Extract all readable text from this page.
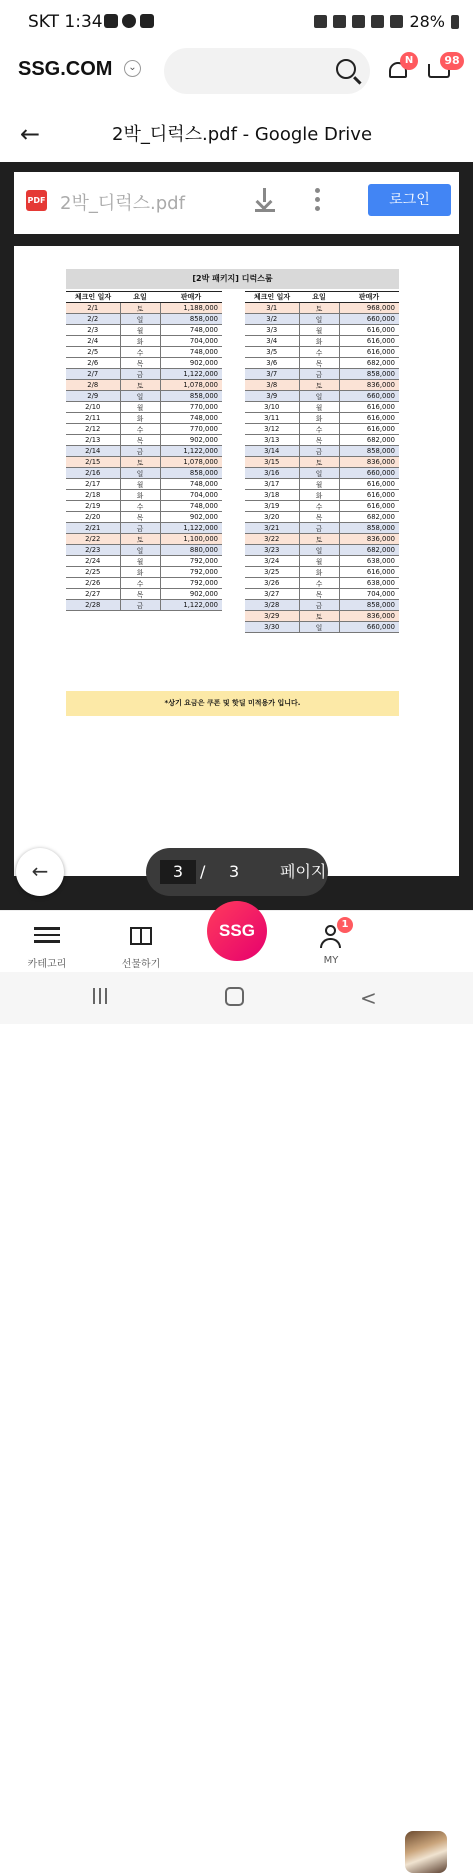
SKT 1:34	28%
SSG.COM	⌄
N	98
←	2박_디럭스.pdf - Google Drive
PDF 2박_디럭스.pdf	로그인
[2박 패키지] 디럭스룸
체크인 일자	요일	판매가
2/1	토	1,188,000
2/2	일	858,000
2/3	월	748,000
2/4	화	704,000
2/5	수	748,000
2/6	목	902,000
2/7	금	1,122,000
2/8	토	1,078,000
2/9	일	858,000
2/10	월	770,000
2/11	화	748,000
2/12	수	770,000
2/13	목	902,000
2/14	금	1,122,000
2/15	토	1,078,000
2/16	일	858,000
2/17	월	748,000
2/18	화	704,000
2/19	수	748,000
2/20	목	902,000
2/21	금	1,122,000
2/22	토	1,100,000
2/23	일	880,000
2/24	월	792,000
2/25	화	792,000
2/26	수	792,000
2/27	목	902,000
2/28	금	1,122,000
체크인 일자	요일	판매가
3/1	토	968,000
3/2	일	660,000
3/3	월	616,000
3/4	화	616,000
3/5	수	616,000
3/6	목	682,000
3/7	금	858,000
3/8	토	836,000
3/9	일	660,000
3/10	월	616,000
3/11	화	616,000
3/12	수	616,000
3/13	목	682,000
3/14	금	858,000
3/15	토	836,000
3/16	일	660,000
3/17	월	616,000
3/18	화	616,000
3/19	수	616,000
3/20	목	682,000
3/21	금	858,000
3/22	토	836,000
3/23	일	682,000
3/24	월	638,000
3/25	화	616,000
3/26	수	638,000
3/27	목	704,000
3/28	금	858,000
3/29	토	836,000
3/30	일	660,000
*상기 요금은 쿠폰 및 핫딜 미적용가 입니다.
←	3	/ 3	페이지
카테고리	선물하기
1
MY
SSG
<
